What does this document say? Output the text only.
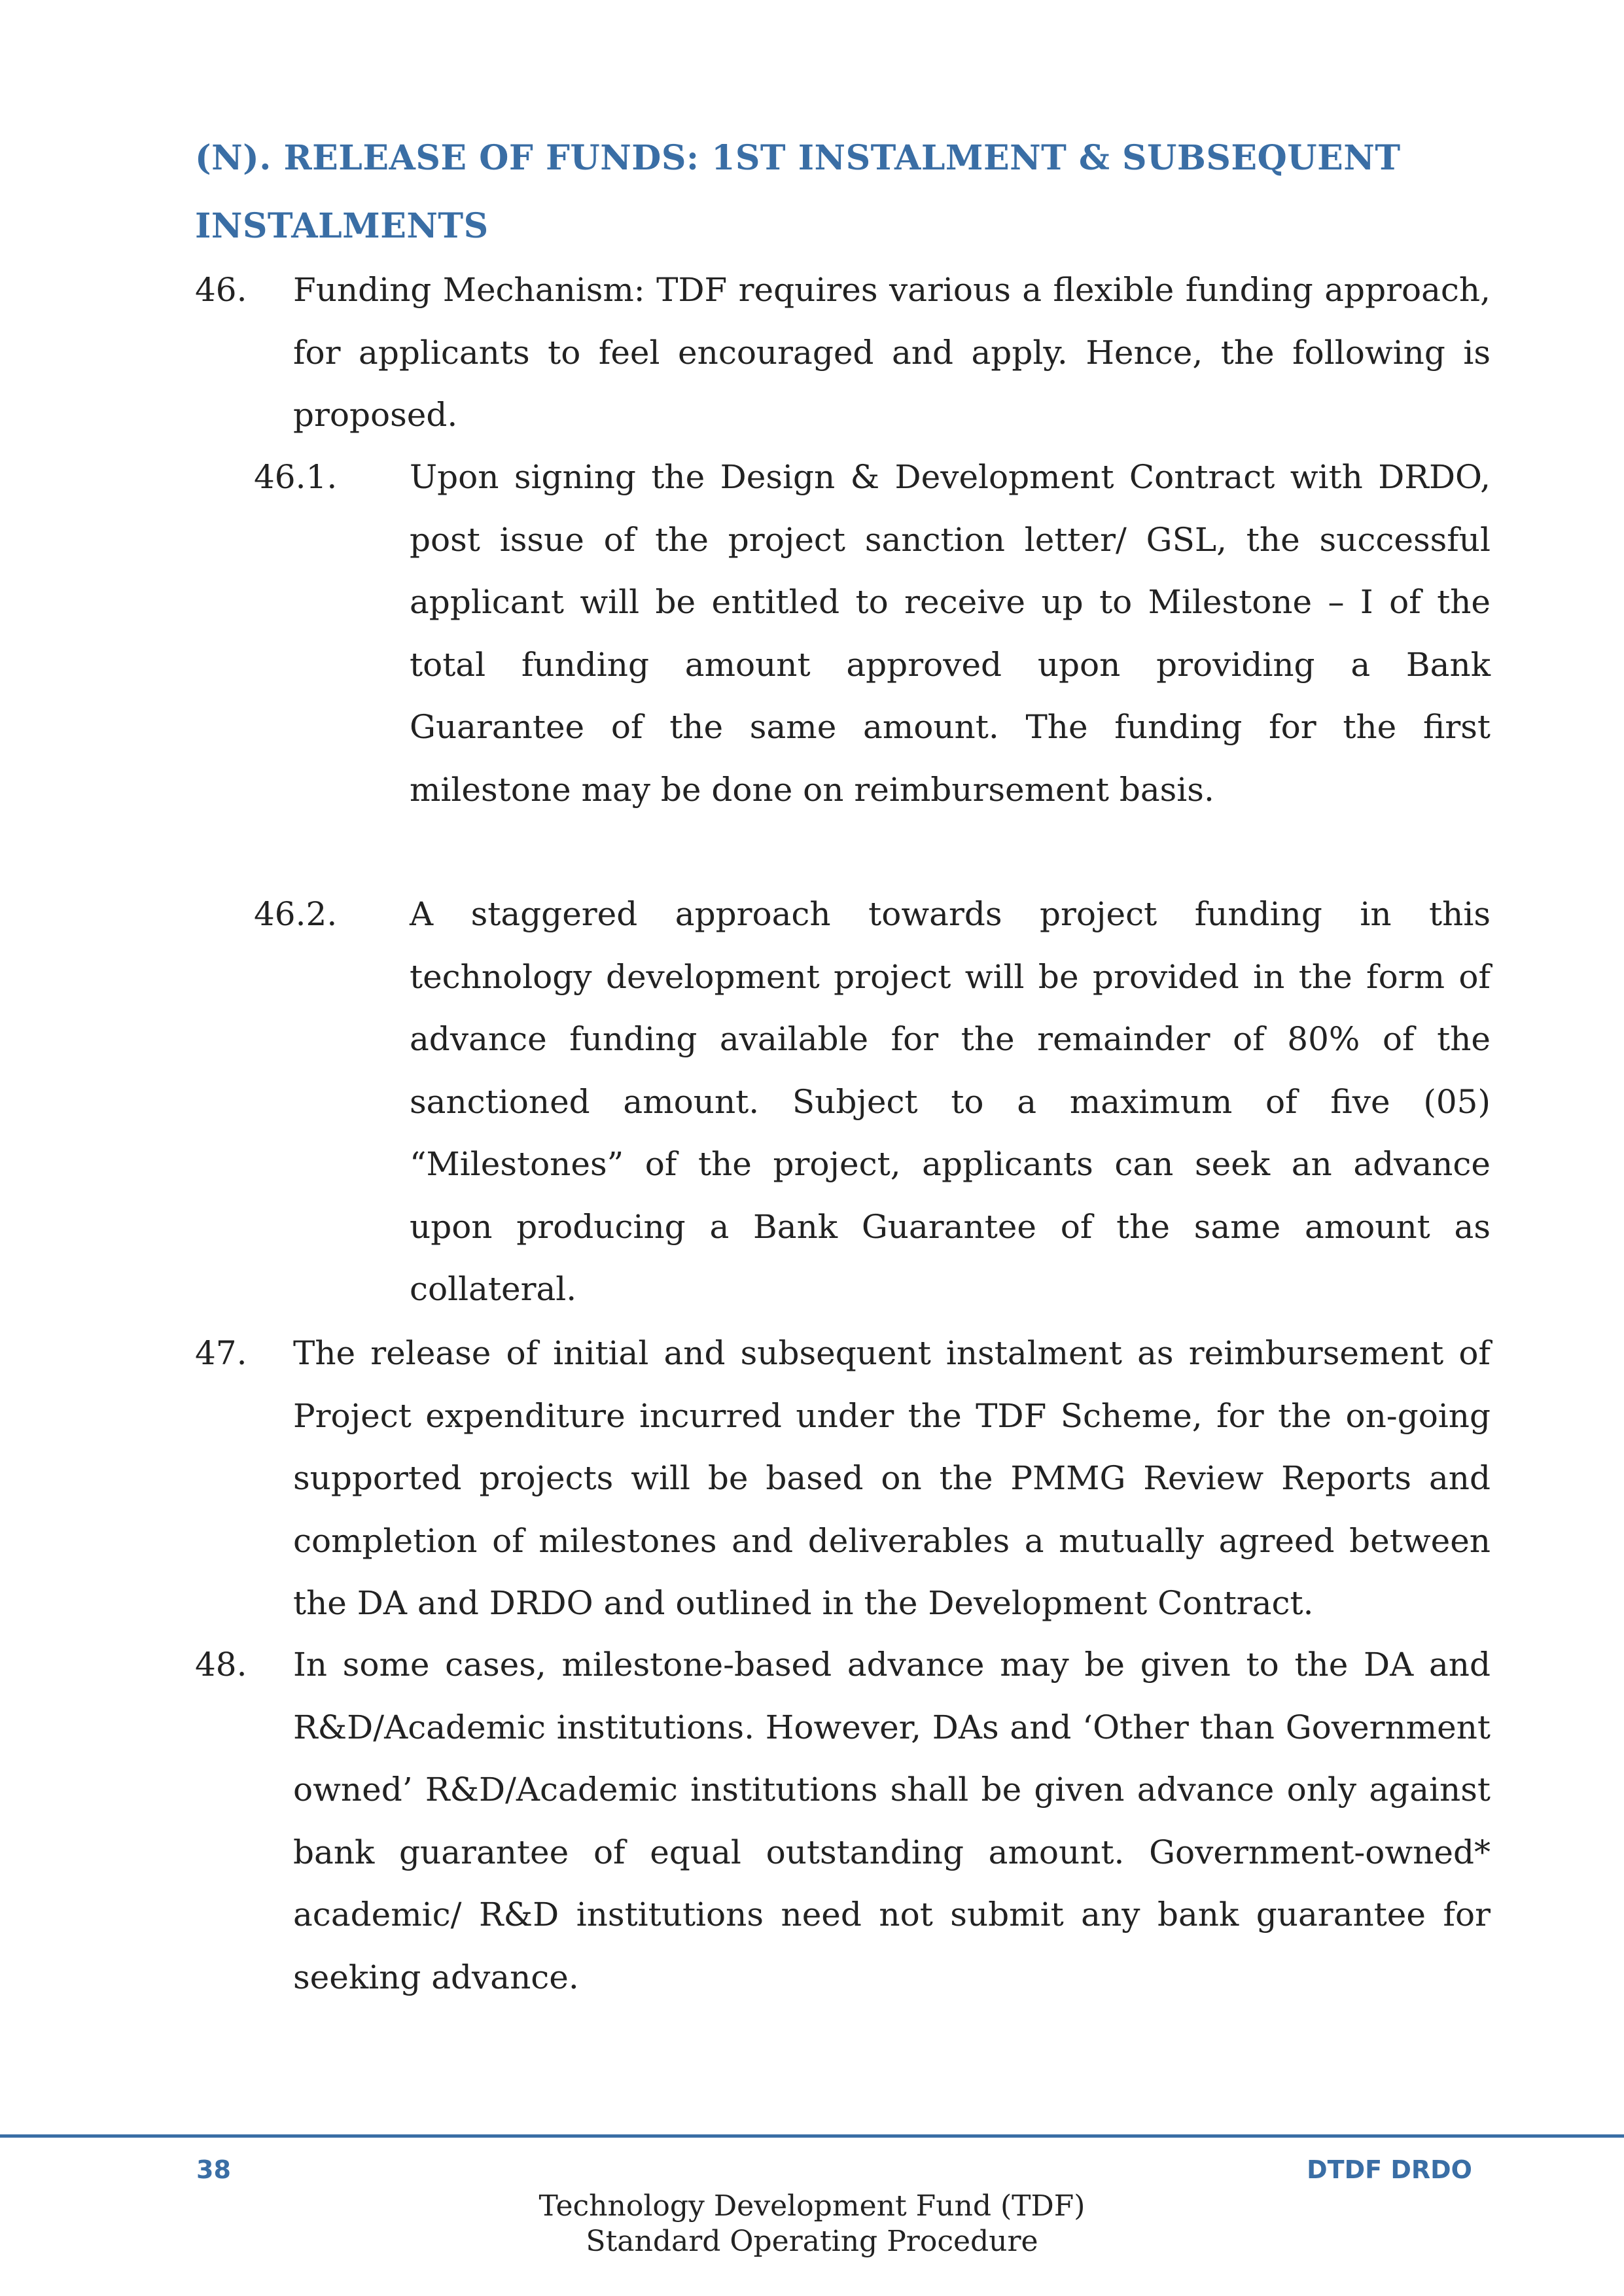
(N). RELEASE OF FUNDS: 1ST INSTALMENT & SUBSEQUENT
INSTALMENTS
46. Funding Mechanism: TDF requires various a flexible funding approach, for applicants to feel encouraged and apply. Hence, the following is proposed.
46.1. Upon signing the Design & Development Contract with DRDO, post issue of the project sanction letter/ GSL, the successful applicant will be entitled to receive up to Milestone – I of the total funding amount approved upon providing a Bank Guarantee of the same amount. The funding for the first milestone may be done on reimbursement basis.
46.2. A staggered approach towards project funding in this technology development project will be provided in the form of advance funding available for the remainder of 80% of the sanctioned amount. Subject to a maximum of five (05) “Milestones” of the project, applicants can seek an advance upon producing a Bank Guarantee of the same amount as collateral.
47. The release of initial and subsequent instalment as reimbursement of Project expenditure incurred under the TDF Scheme, for the on-going supported projects will be based on the PMMG Review Reports and completion of milestones and deliverables a mutually agreed between the DA and DRDO and outlined in the Development Contract.
48. In some cases, milestone-based advance may be given to the DA and R&D/Academic institutions. However, DAs and ‘Other than Government owned’ R&D/Academic institutions shall be given advance only against bank guarantee of equal outstanding amount. Government-owned* academic/ R&D institutions need not submit any bank guarantee for seeking advance.
38	DTDF DRDO
Technology Development Fund (TDF)
Standard Operating Procedure
